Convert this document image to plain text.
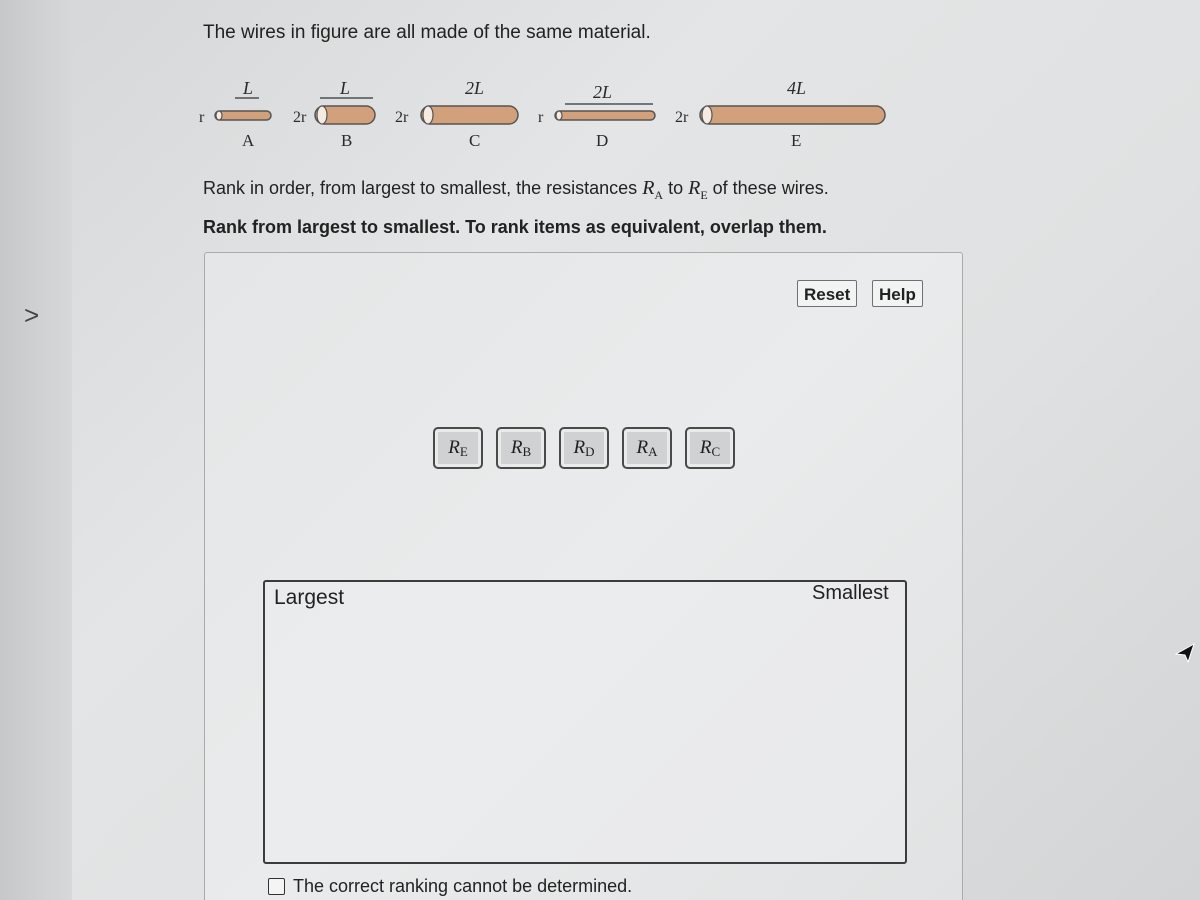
>
The wires in figure are all made of the same material.
L
r
A
L
2r
B
2L
2r
C
2L
r
D
4L
2r
E
Rank in order, from largest to smallest, the resistances $R_A$ to $R_E$ of these wires.
Rank from largest to smallest. To rank items as equivalent, overlap them.
Reset	Help
R E R B R D R A R C
Largest	Smallest
The correct ranking cannot be determined.
